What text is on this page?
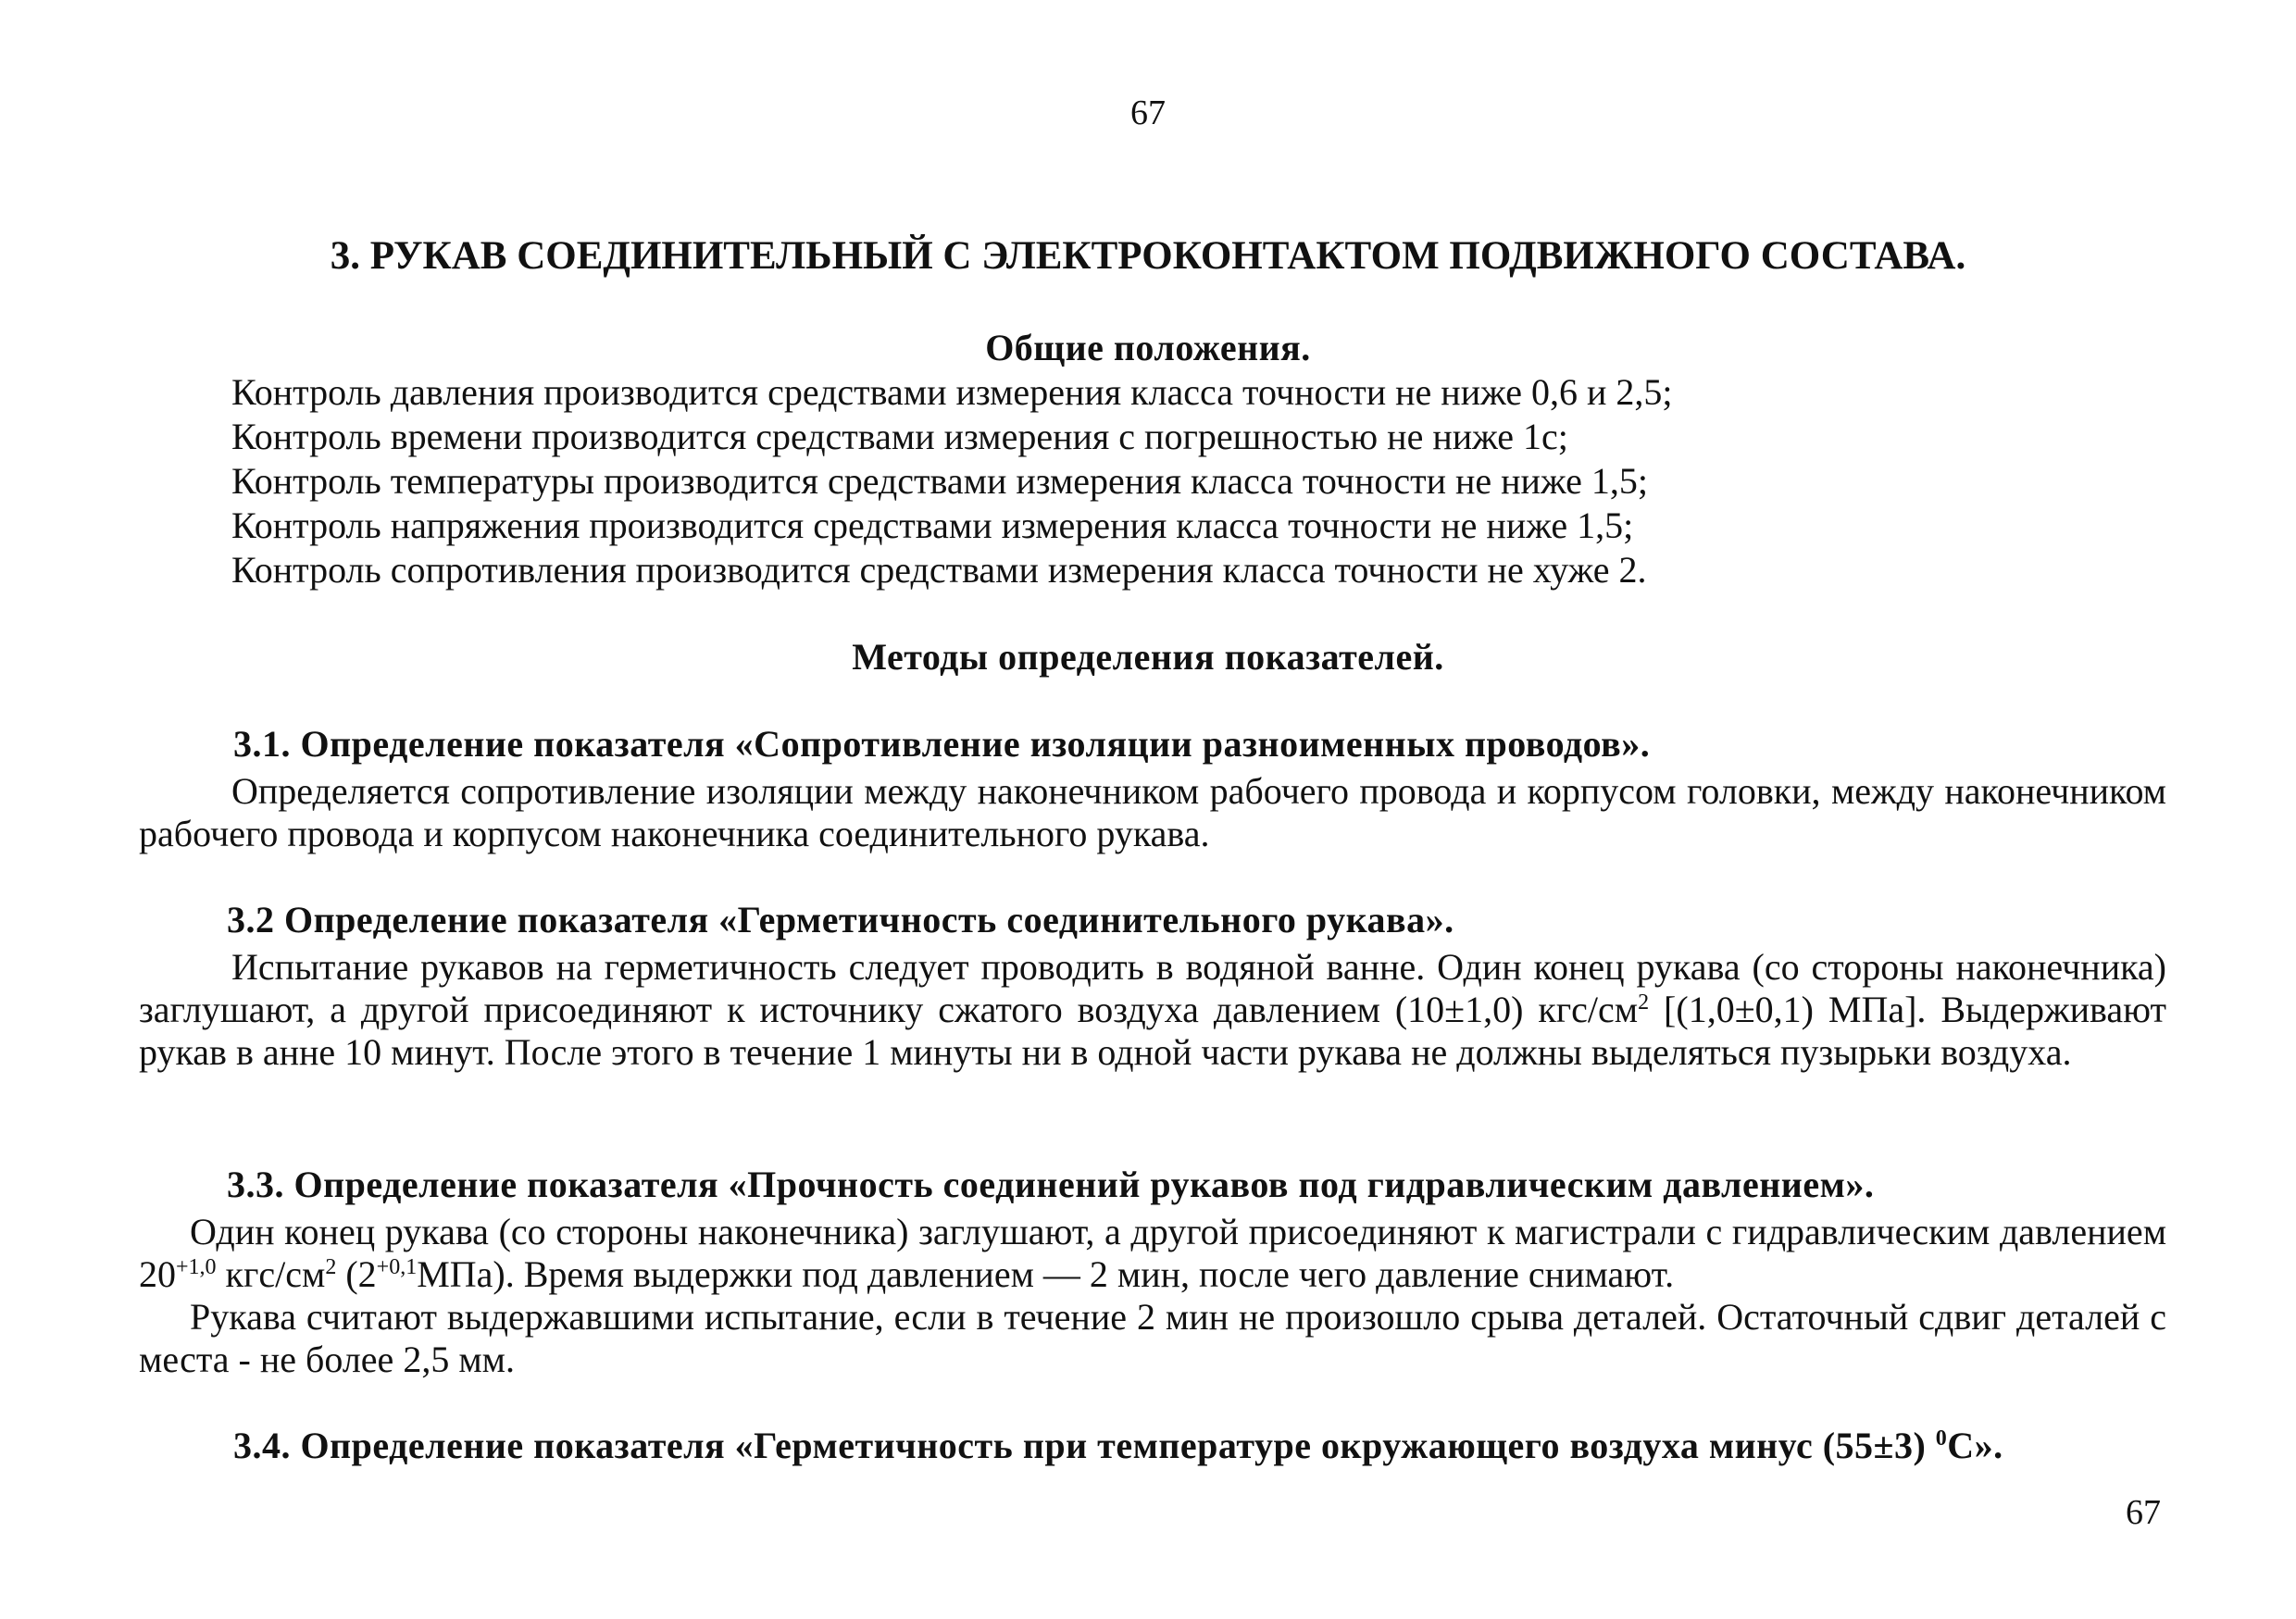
67
3. РУКАВ СОЕДИНИТЕЛЬНЫЙ С ЭЛЕКТРОКОНТАКТОМ ПОДВИЖНОГО СОСТАВА.
Общие положения.
Контроль давления производится средствами измерения класса точности не ниже 0,6 и 2,5;
Контроль времени производится средствами измерения с погрешностью не ниже 1с;
Контроль температуры производится средствами измерения класса точности не ниже 1,5;
Контроль напряжения производится средствами измерения класса точности не ниже 1,5;
Контроль сопротивления производится средствами измерения класса точности не хуже 2.
Методы определения показателей.
3.1. Определение показателя «Сопротивление изоляции разноименных проводов».
Определяется сопротивление изоляции между наконечником рабочего провода и корпусом головки, между наконечником рабочего провода и корпусом наконечника соединительного рукава.
3.2 Определение показателя «Герметичность соединительного рукава».
Испытание рукавов на герметичность следует проводить в водяной ванне. Один конец рукава (со стороны наконечника) заглушают, а другой присоединяют к источнику сжатого воздуха давлением (10±1,0) кгс/$см^2$ [(1,0±0,1) МПа]. Выдерживают рукав в анне 10 минут. После этого в течение 1 минуты ни в одной части рукава не должны выделяться пузырьки воздуха.
3.3. Определение показателя «Прочность соединений рукавов под гидравлическим давлением».
Один конец рукава (со стороны наконечника) заглушают, а другой присоединяют к магистрали с гидравлическим давлением $20^{+1,0}$ кгс/$см^2$ $(2^{+0,1}МПа)$. Время выдержки под давлением — 2 мин, после чего давление снимают.
Рукава считают выдержавшими испытание, если в течение 2 мин не произошло срыва деталей. Остаточный сдвиг деталей с места - не более 2,5 мм.
3.4. Определение показателя «Герметичность при температуре окружающего воздуха минус (55±3) $^0$С».
67
